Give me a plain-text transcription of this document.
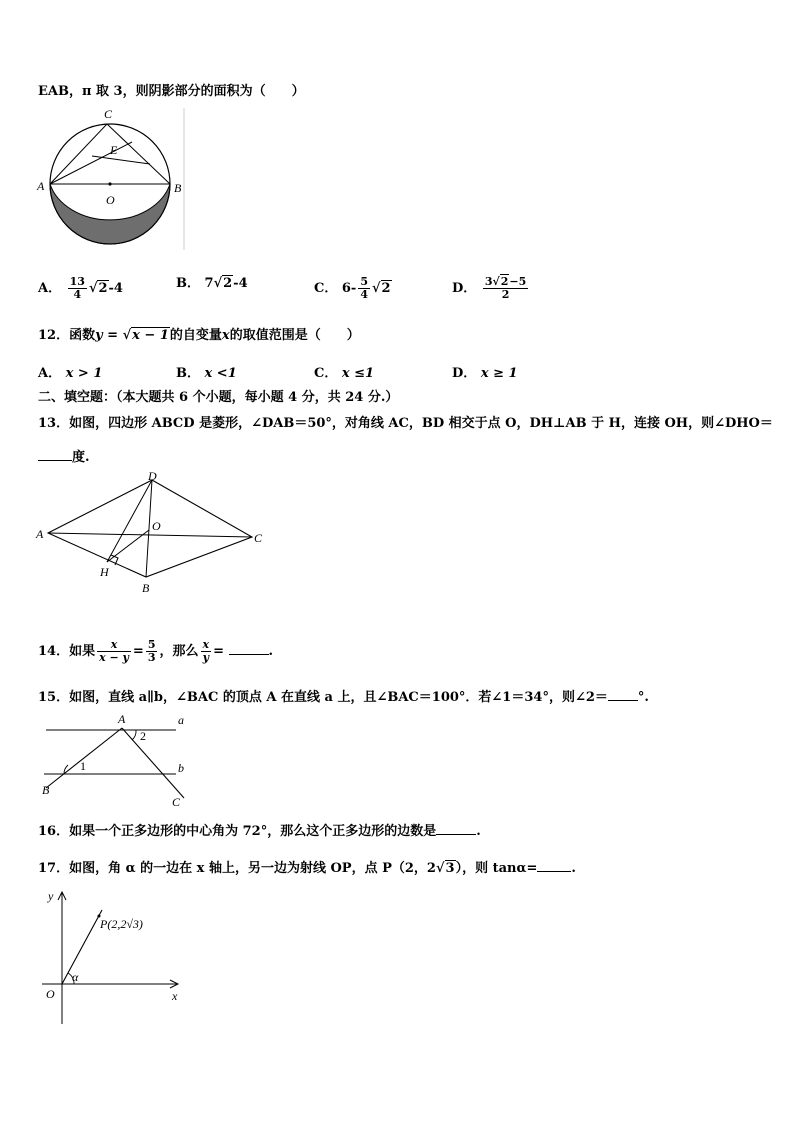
EAB，π 取 3，则阴影部分的面积为（　　）
C
E
A	B
O
A． $\frac{13}{4} √2-4$	B． 7√2-4	C． $6- \frac{5}{4} √2$	D． $\frac{3√2-5}{2}$
12．函数y = √x − 1的自变量x的取值范围是（　　）
A． x > 1	B． x <1	C． x ≤1	D． x ≥ 1
二、填空题：（本大题共 6 个小题，每小题 4 分，共 24 分.）
13．如图，四边形 ABCD 是菱形，∠DAB＝50°，对角线 AC，BD 相交于点 O，DH⊥AB 于 H，连接 OH，则∠DHO＝
度.
D
A
O
C
H
B
14．如果 $\frac{x}{x - y} = \frac{5}{3}$ ，那么 $\frac{x}{y}$ =	.
15．如图，直线 a∥b，∠BAC 的顶点 A 在直线 a 上，且∠BAC＝100°．若∠1＝34°，则∠2＝ °.
A	a
2
1	b
B
C
16．如果一个正多边形的中心角为 72°，那么这个正多边形的边数是	.
17．如图，角 α 的一边在 x 轴上，另一边为射线 OP，点 P（2，2√3），则 tanα=	.
y
P(2,2√3)
O	x
α
